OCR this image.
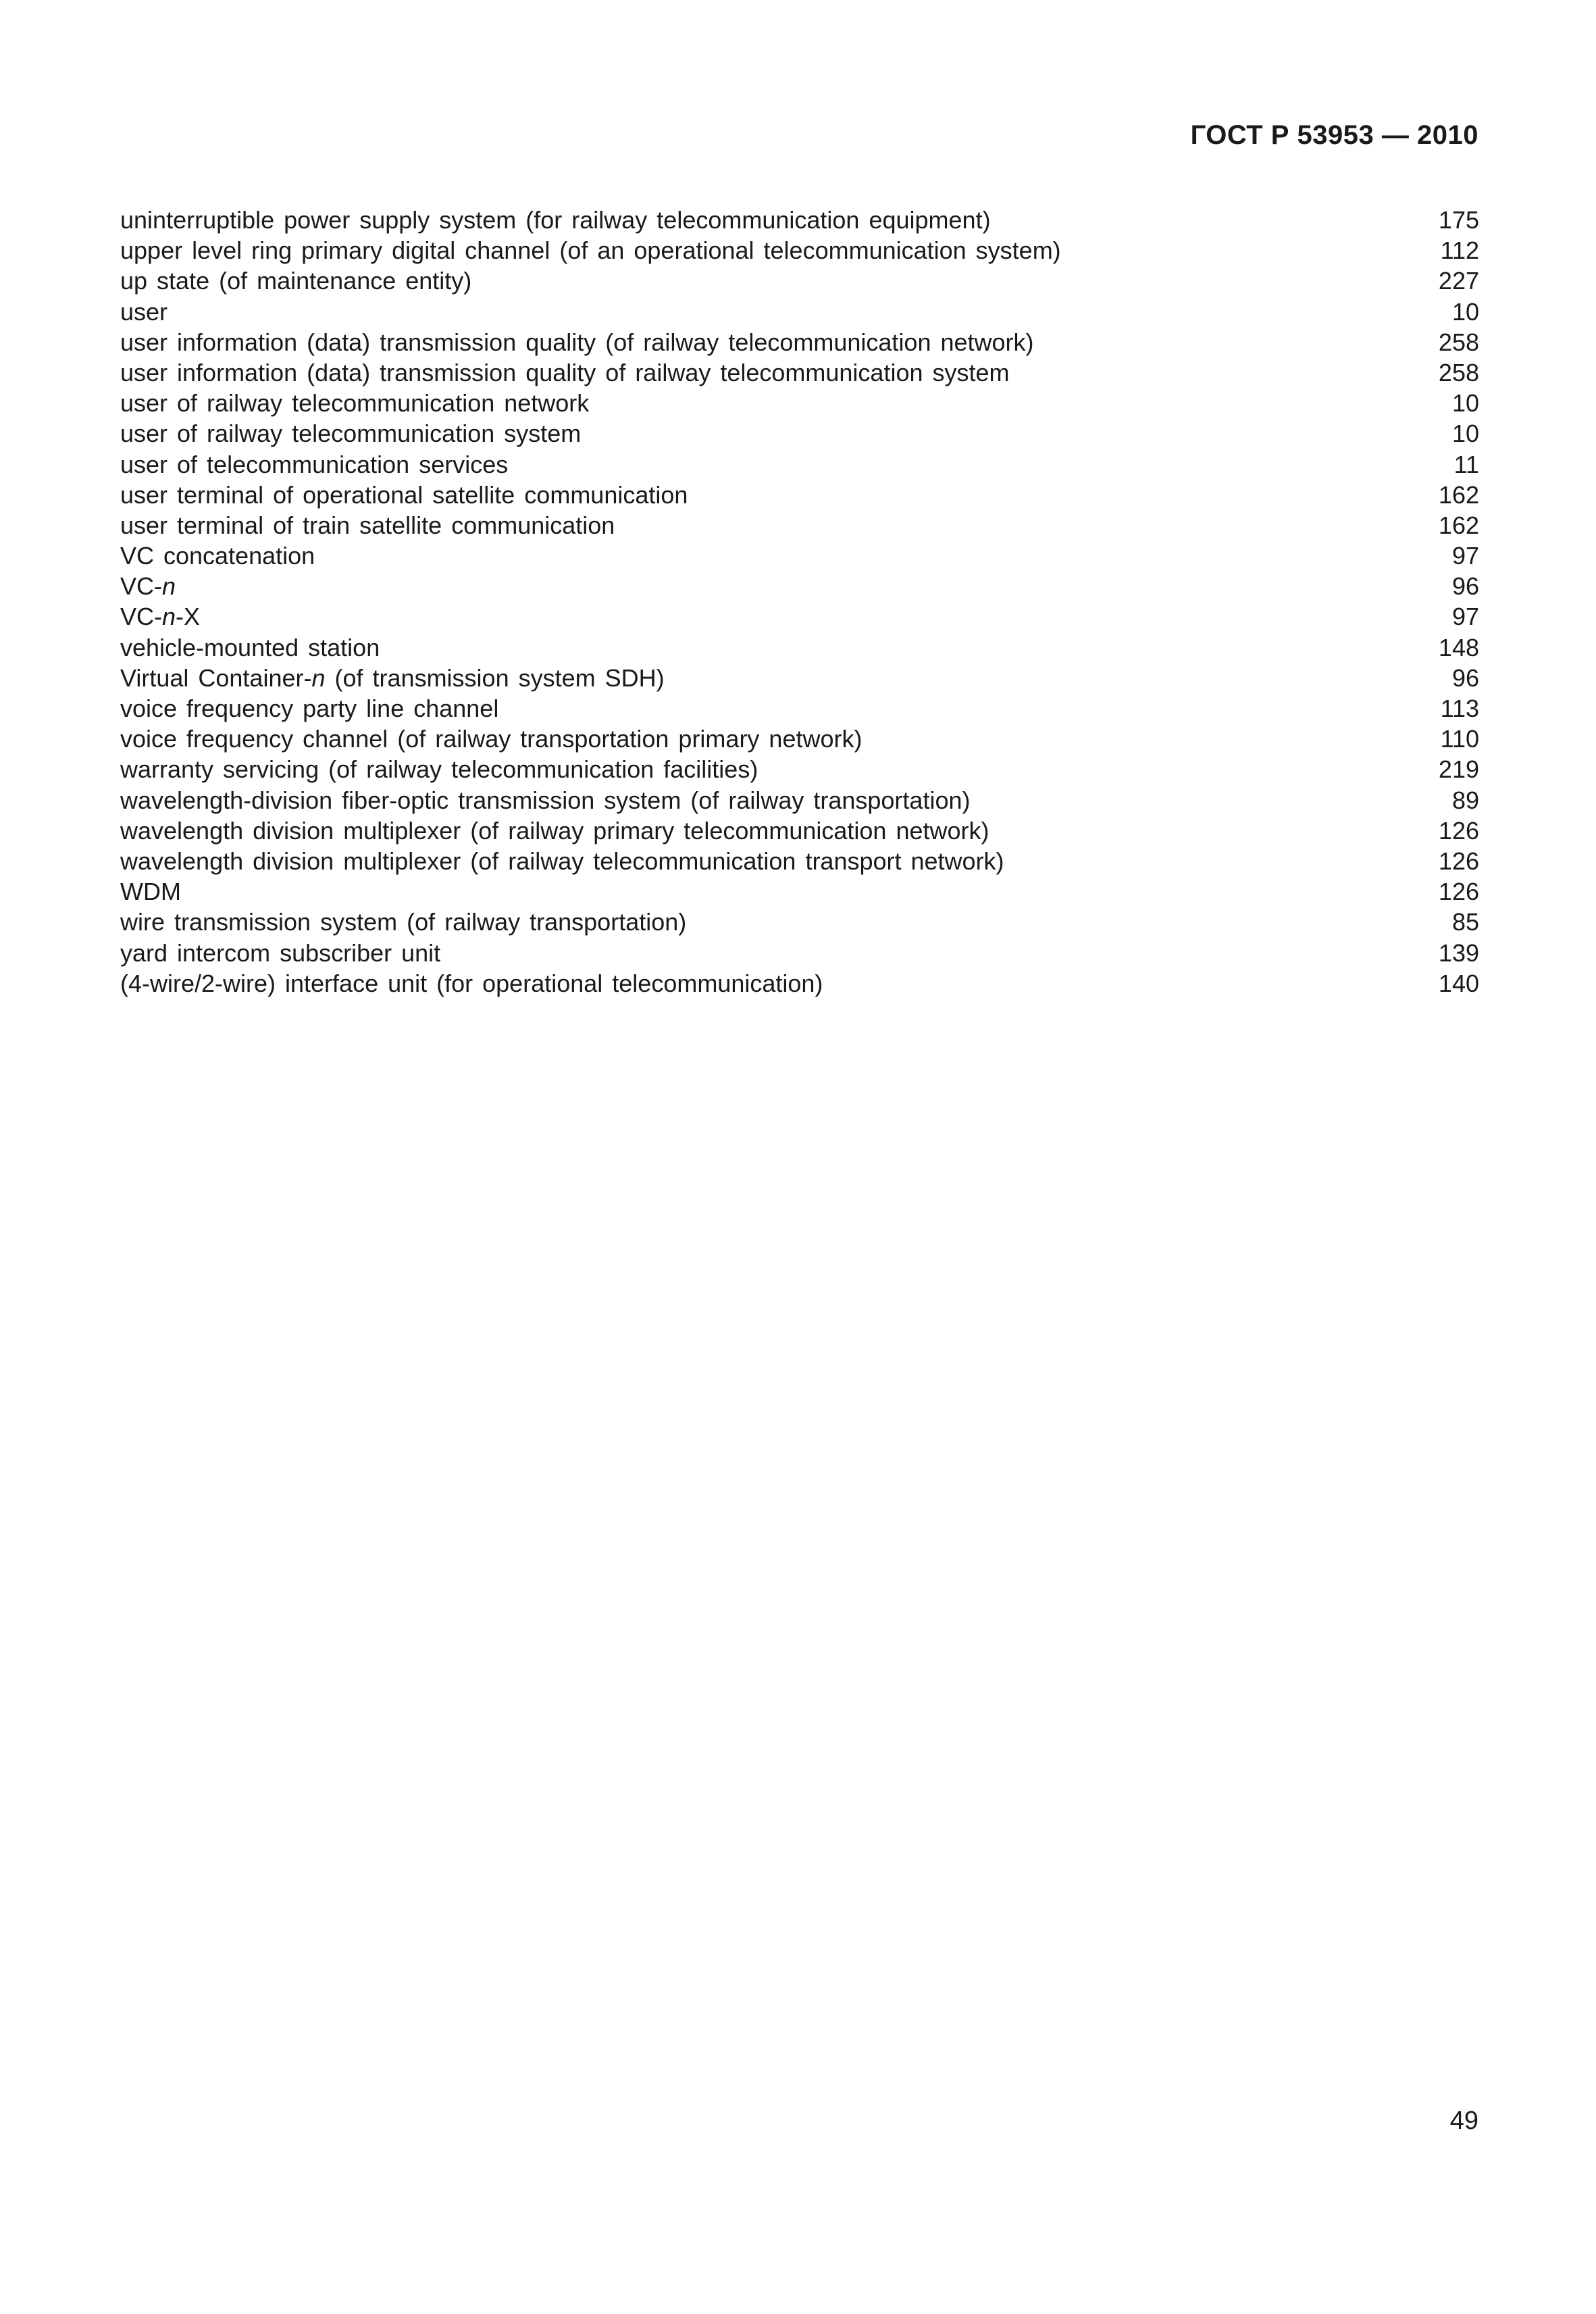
ГОСТ Р 53953 — 2010
uninterruptible power supply system (for railway telecommunication equipment)	175
upper level ring primary digital channel (of an operational telecommunication system)	112
up state (of maintenance entity)	227
user	10
user information (data) transmission quality (of railway telecommunication network)	258
user information (data) transmission quality of railway telecommunication system	258
user of railway telecommunication network	10
user of railway telecommunication system	10
user of telecommunication services	11
user terminal of operational satellite communication	162
user terminal of train satellite communication	162
VC concatenation	97
VC-n	96
VC-n-X	97
vehicle-mounted station	148
Virtual Container-n (of transmission system SDH)	96
voice frequency party line channel	113
voice frequency channel (of railway transportation primary network)	110
warranty servicing (of railway telecommunication facilities)	219
wavelength-division fiber-optic transmission system (of railway transportation)	89
wavelength division multiplexer (of railway primary telecommunication network)	126
wavelength division multiplexer (of railway telecommunication transport network)	126
WDM	126
wire transmission system (of railway transportation)	85
yard intercom subscriber unit	139
(4-wire/2-wire) interface unit (for operational telecommunication)	140
49
